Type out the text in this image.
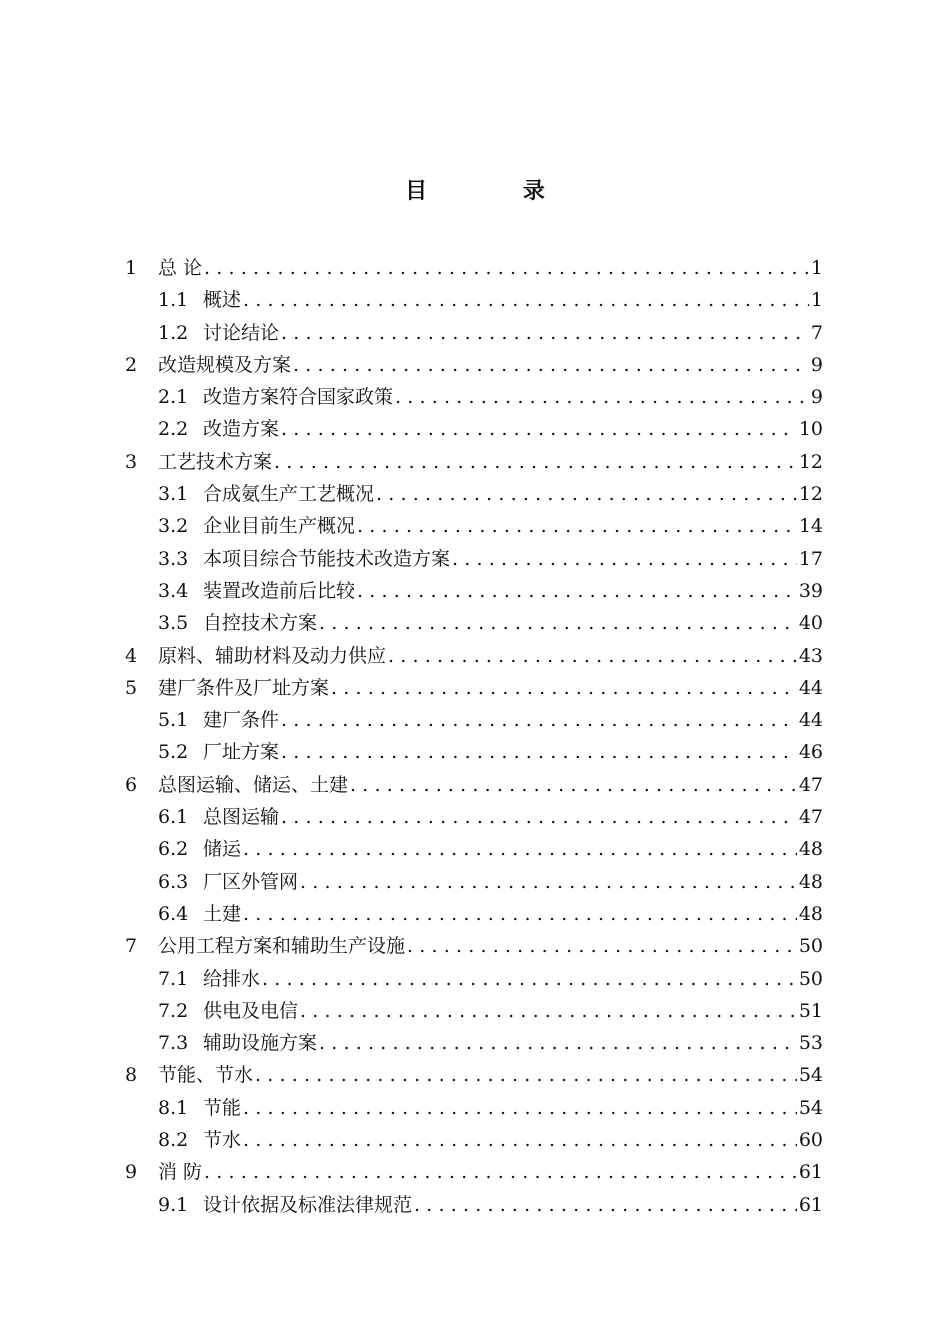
目 录
1	总 论 .....	1
1.1 概述 .....	1
1.2 讨论结论 .....	7
2	改造规模及方案 .....	9
2.1 改造方案符合国家政策 .....	9
2.2 改造方案 .....	10
3	工艺技术方案 .....	12
3.1 合成氨生产工艺概况 .....	12
3.2 企业目前生产概况 .....	14
3.3 本项目综合节能技术改造方案 .....	17
3.4 装置改造前后比较 .....	39
3.5 自控技术方案 .....	40
4	原料、辅助材料及动力供应 .....	43
5	建厂条件及厂址方案 .....	44
5.1 建厂条件 .....	44
5.2 厂址方案 .....	46
6	总图运输、储运、土建 .....	47
6.1 总图运输 .....	47
6.2 储运 .....	48
6.3 厂区外管网 .....	48
6.4 土建 .....	48
7	公用工程方案和辅助生产设施 .....	50
7.1 给排水 .....	50
7.2 供电及电信 .....	51
7.3 辅助设施方案 .....	53
8	节能、节水 .....	54
8.1 节能 .....	54
8.2 节水 .....	60
9	消 防 .....	61
9.1 设计依据及标准法律规范 .....	61
